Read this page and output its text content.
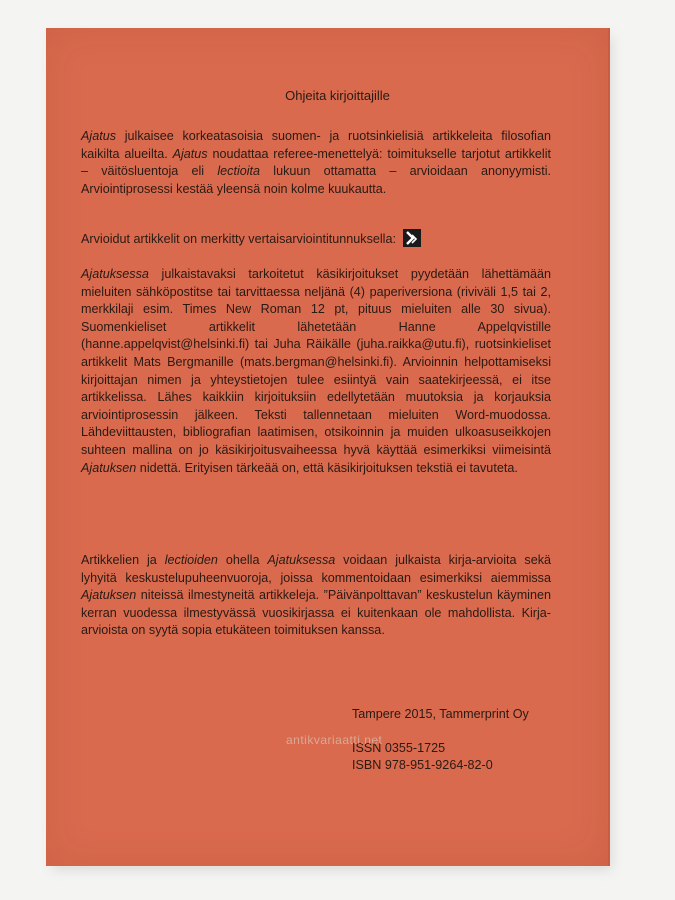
Ohjeita kirjoittajille

Ajatus julkaisee korkeatasoisia suomen- ja ruotsinkielisiä artikkeleita filosofian kaikilta alueilta. Ajatus noudattaa referee-menettelyä: toimitukselle tarjotut artikkelit – väitösluentoja eli lectioita lukuun ottamatta – arvioidaan anonyymisti. Arviointiprosessi kestää yleensä noin kolme kuukautta.

Arvioidut artikkelit on merkitty vertaisarviointitunnuksella:

Ajatuksessa julkaistavaksi tarkoitetut käsikirjoitukset pyydetään lähettämään mieluiten sähköpostitse tai tarvittaessa neljänä (4) paperiversiona (riviväli 1,5 tai 2, merkkilaji esim. Times New Roman 12 pt, pituus mieluiten alle 30 sivua). Suomenkieliset artikkelit lähetetään Hanne Appelqvistille (hanne.appelqvist@helsinki.fi) tai Juha Räikälle (juha.raikka@utu.fi), ruotsinkieliset artikkelit Mats Bergmanille (mats.bergman@helsinki.fi). Arvioinnin helpottamiseksi kirjoittajan nimen ja yhteystietojen tulee esiintyä vain saatekirjeessä, ei itse artikkelissa. Lähes kaikkiin kirjoituksiin edellytetään muutoksia ja korjauksia arviointiprosessin jälkeen. Teksti tallennetaan mieluiten Word-muodossa. Lähdeviittausten, bibliografian laatimisen, otsikoinnin ja muiden ulkoasuseikkojen suhteen mallina on jo käsikirjoitusvaiheessa hyvä käyttää esimerkiksi viimeisintä Ajatuksen nidettä. Erityisen tärkeää on, että käsikirjoituksen tekstiä ei tavuteta.

Artikkelien ja lectioiden ohella Ajatuksessa voidaan julkaista kirja-arvioita sekä lyhyitä keskustelupuheenvuoroja, joissa kommentoidaan esimerkiksi aiemmissa Ajatuksen niteissä ilmestyneitä artikkeleja. ”Päivänpolttavan” keskustelun käyminen kerran vuodessa ilmestyvässä vuosikirjassa ei kuitenkaan ole mahdollista. Kirja-arvioista on syytä sopia etukäteen toimituksen kanssa.

Tampere 2015, Tammerprint Oy
ISSN 0355-1725
ISBN 978-951-9264-82-0
antikvariaatti.net
